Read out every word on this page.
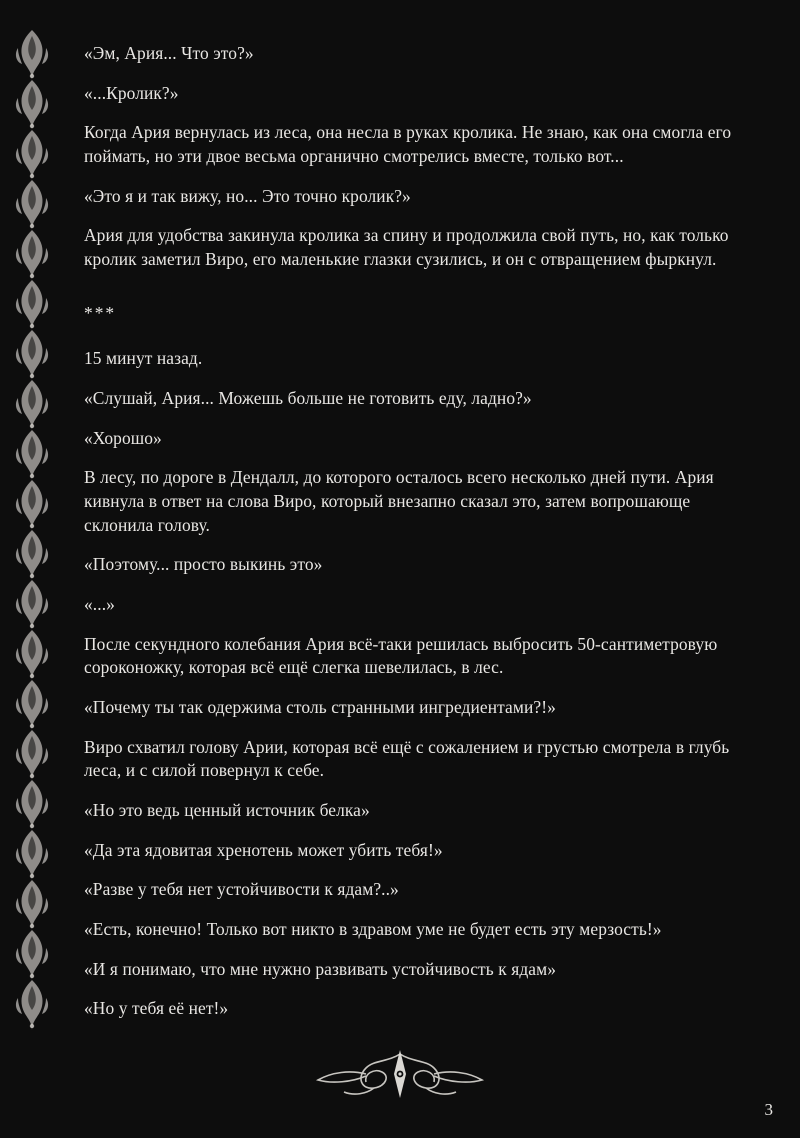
«Эм, Ария... Что это?»

«...Кролик?»

Когда Ария вернулась из леса, она несла в руках кролика. Не знаю, как она смогла его поймать, но эти двое весьма органично смотрелись вместе, только вот...

«Это я и так вижу, но... Это точно кролик?»

Ария для удобства закинула кролика за спину и продолжила свой путь, но, как только кролик заметил Виро, его маленькие глазки сузились, и он с отвращением фыркнул.

***

15 минут назад.

«Слушай, Ария... Можешь больше не готовить еду, ладно?»

«Хорошо»

В лесу, по дороге в Дендалл, до которого осталось всего несколько дней пути. Ария кивнула в ответ на слова Виро, который внезапно сказал это, затем вопрошающе склонила голову.

«Поэтому... просто выкинь это»

«...»

После секундного колебания Ария всё-таки решилась выбросить 50-сантиметровую сороконожку, которая всё ещё слегка шевелилась, в лес.

«Почему ты так одержима столь странными ингредиентами?!»

Виро схватил голову Арии, которая всё ещё с сожалением и грустью смотрела в глубь леса, и с силой повернул к себе.

«Но это ведь ценный источник белка»

«Да эта ядовитая хренотень может убить тебя!»

«Разве у тебя нет устойчивости к ядам?..»

«Есть, конечно! Только вот никто в здравом уме не будет есть эту мерзость!»

«И я понимаю, что мне нужно развивать устойчивость к ядам»

«Но у тебя её нет!»

3
